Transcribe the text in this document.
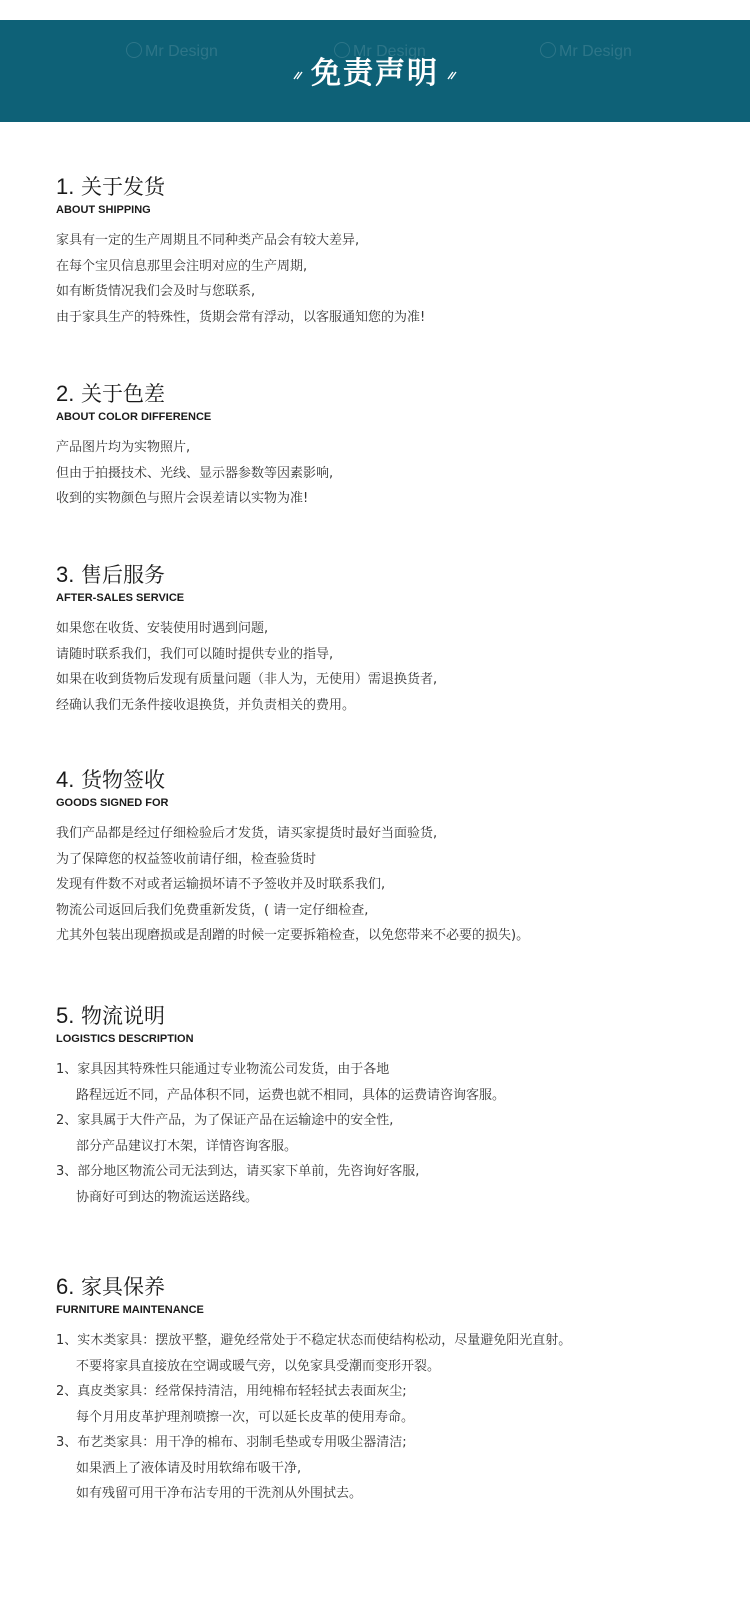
Mr Design	Mr Design	Mr Design
免责声明
1. 关于发货
ABOUT SHIPPING
家具有一定的生产周期且不同种类产品会有较大差异,
在每个宝贝信息那里会注明对应的生产周期,
如有断货情况我们会及时与您联系,
由于家具生产的特殊性，货期会常有浮动，以客服通知您的为准!
2. 关于色差
ABOUT COLOR DIFFERENCE
产品图片均为实物照片,
但由于拍摄技术、光线、显示器参数等因素影响,
收到的实物颜色与照片会误差请以实物为准!
3. 售后服务
AFTER-SALES SERVICE
如果您在收货、安装使用时遇到问题,
请随时联系我们，我们可以随时提供专业的指导,
如果在收到货物后发现有质量问题（非人为，无使用）需退换货者,
经确认我们无条件接收退换货，并负责相关的费用。
4. 货物签收
GOODS SIGNED FOR
我们产品都是经过仔细检验后才发货，请买家提货时最好当面验货,
为了保障您的权益签收前请仔细，检查验货时
发现有件数不对或者运输损坏请不予签收并及时联系我们,
物流公司返回后我们免费重新发货，( 请一定仔细检查,
尤其外包装出现磨损或是刮蹭的时候一定要拆箱检查，以免您带来不必要的损失)。
5. 物流说明
LOGISTICS DESCRIPTION
1、家具因其特殊性只能通过专业物流公司发货，由于各地
路程远近不同，产品体积不同，运费也就不相同，具体的运费请咨询客服。
2、家具属于大件产品，为了保证产品在运输途中的安全性,
部分产品建议打木架，详情咨询客服。
3、部分地区物流公司无法到达，请买家下单前，先咨询好客服,
协商好可到达的物流运送路线。
6. 家具保养
FURNITURE MAINTENANCE
1、实木类家具：摆放平整，避免经常处于不稳定状态而使结构松动，尽量避免阳光直射。
不要将家具直接放在空调或暖气旁，以免家具受潮而变形开裂。
2、真皮类家具：经常保持清洁，用纯棉布轻轻拭去表面灰尘;
每个月用皮革护理剂喷擦一次，可以延长皮革的使用寿命。
3、布艺类家具：用干净的棉布、羽制毛垫或专用吸尘器清洁;
如果洒上了液体请及时用软绵布吸干净,
如有残留可用干净布沾专用的干洗剂从外围拭去。
